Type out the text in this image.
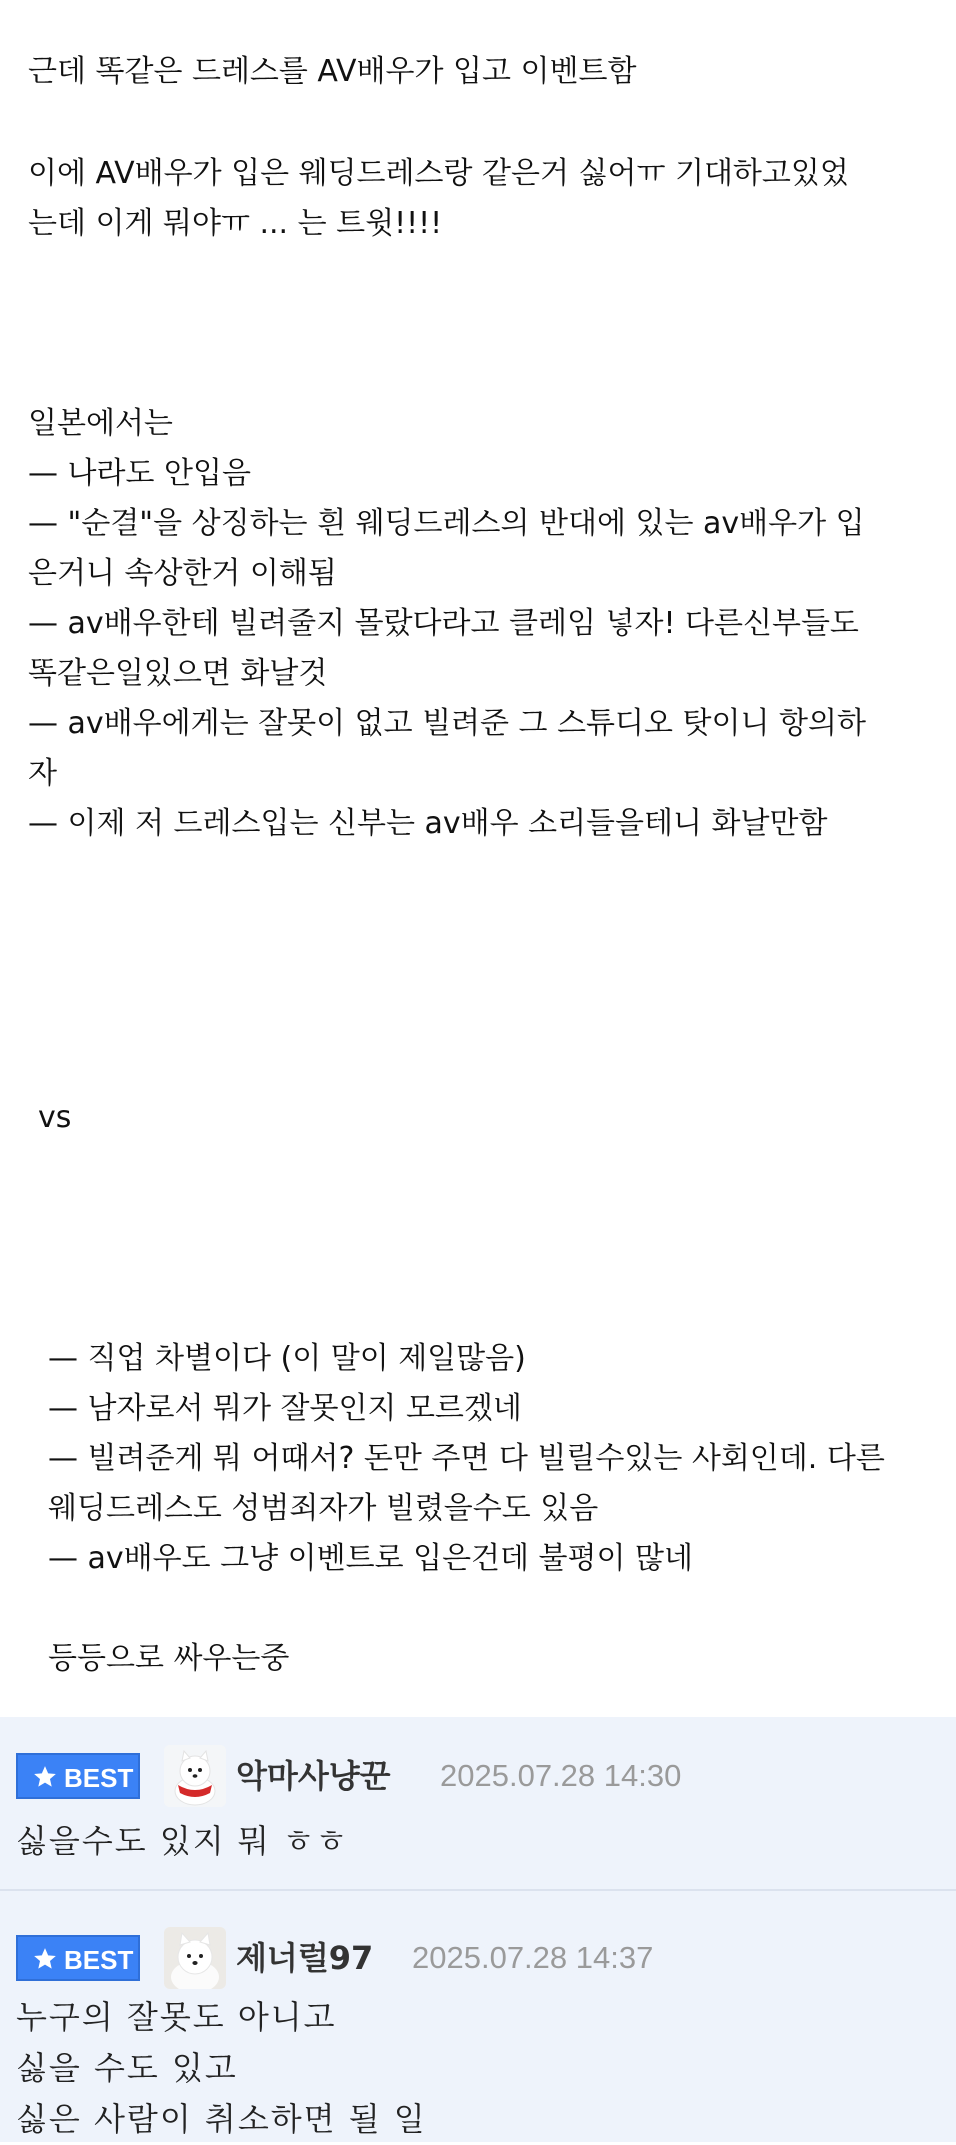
근데 똑같은 드레스를 AV배우가 입고 이벤트함
이에 AV배우가 입은 웨딩드레스랑 같은거 싫어ㅠ 기대하고있었
는데 이게 뭐야ㅠ ... 는 트윗!!!!
일본에서는
— 나라도 안입음
— "순결"을 상징하는 흰 웨딩드레스의 반대에 있는 av배우가 입
은거니 속상한거 이해됨
— av배우한테 빌려줄지 몰랐다라고 클레임 넣자! 다른신부들도
똑같은일있으면 화날것
— av배우에게는 잘못이 없고 빌려준 그 스튜디오 탓이니 항의하
자
— 이제 저 드레스입는 신부는 av배우 소리들을테니 화날만함
vs
— 직업 차별이다 (이 말이 제일많음)
— 남자로서 뭐가 잘못인지 모르겠네
— 빌려준게 뭐 어때서? 돈만 주면 다 빌릴수있는 사회인데. 다른
웨딩드레스도 성범죄자가 빌렸을수도 있음
— av배우도 그냥 이벤트로 입은건데 불평이 많네
등등으로 싸우는중
BEST	악마사냥꾼 2025.07.28 14:30
싫을수도 있지 뭐 ㅎㅎ
BEST	제너럴97 2025.07.28 14:37
누구의 잘못도 아니고
싫을 수도 있고
싫은 사람이 취소하면 될 일
